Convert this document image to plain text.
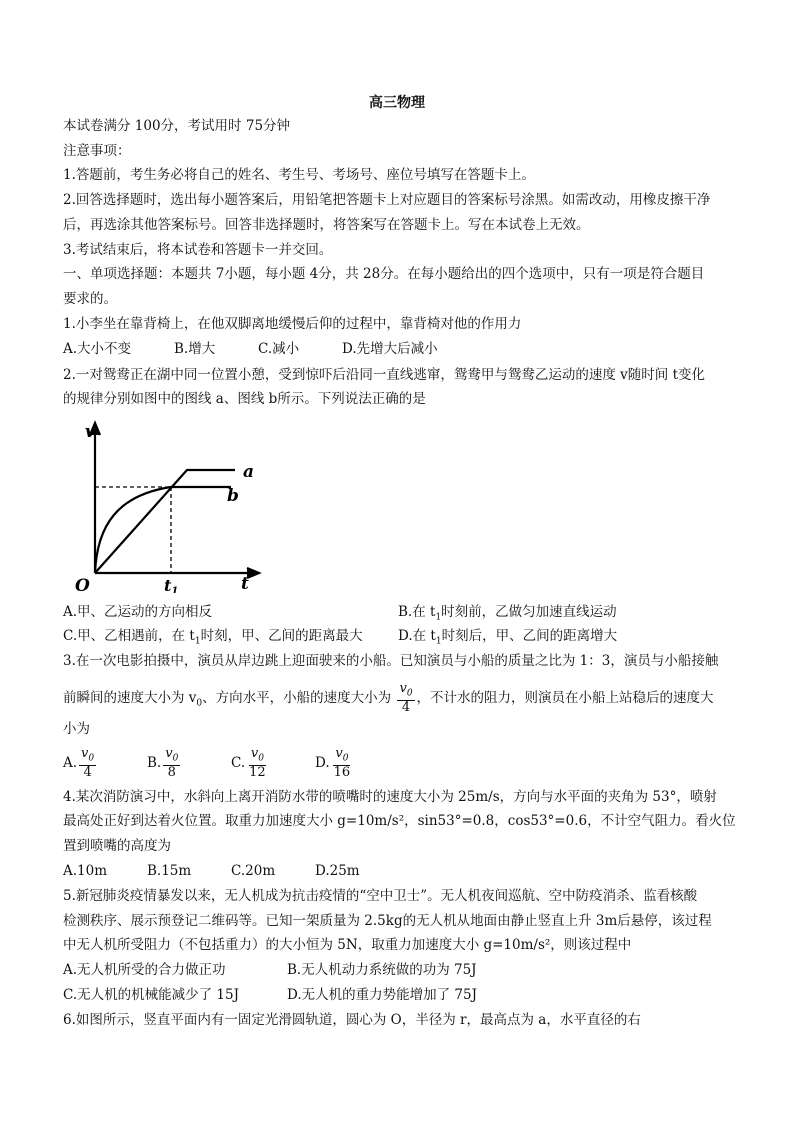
高三物理
本试卷满分 100分，考试用时 75分钟
注意事项：
1.答题前，考生务必将自己的姓名、考生号、考场号、座位号填写在答题卡上。
2.回答选择题时，选出每小题答案后，用铅笔把答题卡上对应题目的答案标号涂黑。如需改动，用橡皮擦干净
后，再选涂其他答案标号。回答非选择题时，将答案写在答题卡上。写在本试卷上无效。
3.考试结束后，将本试卷和答题卡一并交回。
一、单项选择题：本题共 7小题，每小题 4分，共 28分。在每小题给出的四个选项中，只有一项是符合题目
要求的。
1.小李坐在靠背椅上，在他双脚离地缓慢后仰的过程中，靠背椅对他的作用力
A.大小不变	B.增大	C.减小	D.先增大后减小
2.一对鸳鸯正在湖中同一位置小憩，受到惊吓后沿同一直线逃窜，鸳鸯甲与鸳鸯乙运动的速度 v随时间 t变化
的规律分别如图中的图线 a、图线 b所示。下列说法正确的是
v
t
O	t1
a
b
A.甲、乙运动的方向相反	B.在 $t_1$时刻前，乙做匀加速直线运动
C.甲、乙相遇前，在 $t_1$时刻，甲、乙间的距离最大	D.在 $t_1$时刻后，甲、乙间的距离增大
3.在一次电影拍摄中，演员从岸边跳上迎面驶来的小船。已知演员与小船的质量之比为 1：3，演员与小船接触
前瞬间的速度大小为 $v_0$、方向水平，小船的速度大小为 $\frac{v_0}{4}$ ，不计水的阻力，则演员在小船上站稳后的速度大
小为
A. $\frac{v_0}{4}$	B. $\frac{v_0}{8}$	C. $\frac{v_0}{12}$	D. $\frac{v_0}{16}$
4.某次消防演习中，水斜向上离开消防水带的喷嘴时的速度大小为 25m/s，方向与水平面的夹角为 53°，喷射
最高处正好到达着火位置。取重力加速度大小 g=10m/s²，sin53°=0.8，cos53°=0.6，不计空气阻力。看火位
置到喷嘴的高度为
A.10m	B.15m	C.20m	D.25m
5.新冠肺炎疫情暴发以来，无人机成为抗击疫情的“空中卫士”。无人机夜间巡航、空中防疫消杀、监看核酸
检测秩序、展示预登记二维码等。已知一架质量为 2.5kg的无人机从地面由静止竖直上升 3m后悬停，该过程
中无人机所受阻力（不包括重力）的大小恒为 5N，取重力加速度大小 g=10m/s²，则该过程中
A.无人机所受的合力做正功	B.无人机动力系统做的功为 75J
C.无人机的机械能减少了 15J	D.无人机的重力势能增加了 75J
6.如图所示，竖直平面内有一固定光滑圆轨道，圆心为 O，半径为 r，最高点为 a，水平直径的右
